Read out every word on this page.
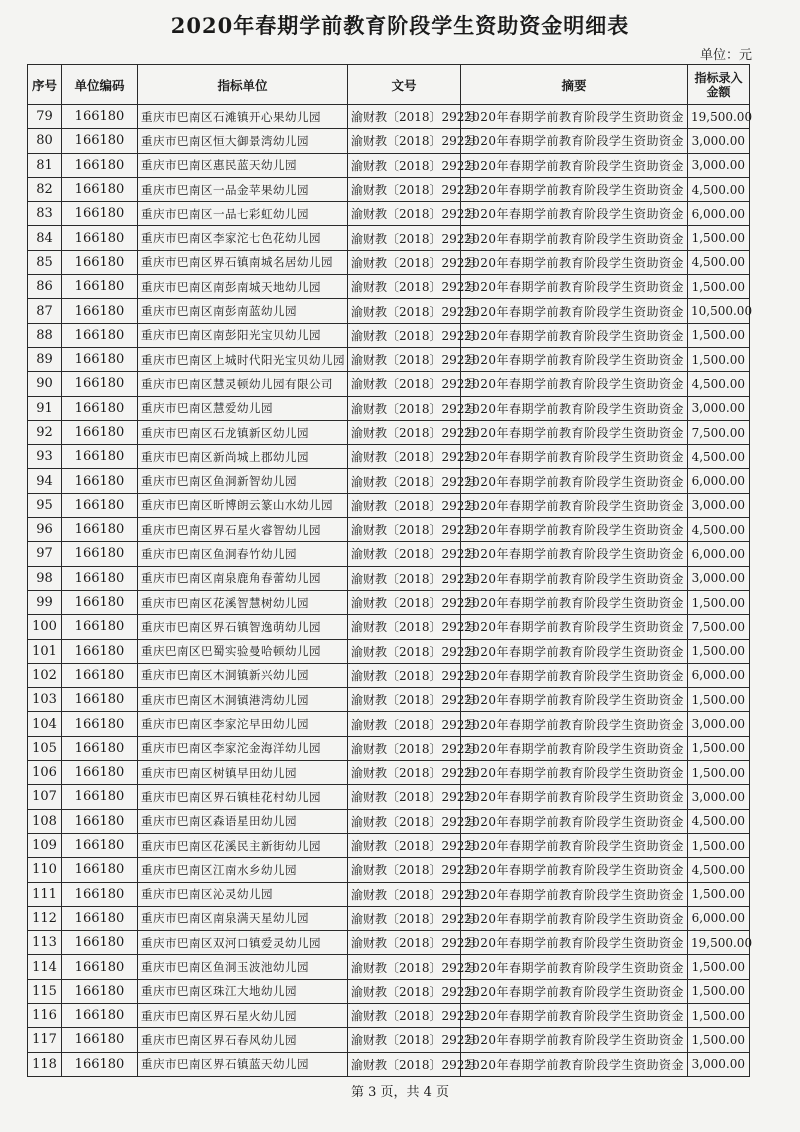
2020年春期学前教育阶段学生资助资金明细表
单位：元
序号	单位编码	指标单位	文号	摘要	指标录入金额
79	166180	重庆市巴南区石滩镇开心果幼儿园	渝财教〔2018〕292号	2020年春期学前教育阶段学生资助资金	19,500.00
80	166180	重庆市巴南区恒大御景湾幼儿园	渝财教〔2018〕292号	2020年春期学前教育阶段学生资助资金	3,000.00
81	166180	重庆市巴南区惠民蓝天幼儿园	渝财教〔2018〕292号	2020年春期学前教育阶段学生资助资金	3,000.00
82	166180	重庆市巴南区一品金苹果幼儿园	渝财教〔2018〕292号	2020年春期学前教育阶段学生资助资金	4,500.00
83	166180	重庆市巴南区一品七彩虹幼儿园	渝财教〔2018〕292号	2020年春期学前教育阶段学生资助资金	6,000.00
84	166180	重庆市巴南区李家沱七色花幼儿园	渝财教〔2018〕292号	2020年春期学前教育阶段学生资助资金	1,500.00
85	166180	重庆市巴南区界石镇南城名居幼儿园	渝财教〔2018〕292号	2020年春期学前教育阶段学生资助资金	4,500.00
86	166180	重庆市巴南区南彭南城天地幼儿园	渝财教〔2018〕292号	2020年春期学前教育阶段学生资助资金	1,500.00
87	166180	重庆市巴南区南彭南蓝幼儿园	渝财教〔2018〕292号	2020年春期学前教育阶段学生资助资金	10,500.00
88	166180	重庆市巴南区南彭阳光宝贝幼儿园	渝财教〔2018〕292号	2020年春期学前教育阶段学生资助资金	1,500.00
89	166180	重庆市巴南区上城时代阳光宝贝幼儿园	渝财教〔2018〕292号	2020年春期学前教育阶段学生资助资金	1,500.00
90	166180	重庆市巴南区慧灵顿幼儿园有限公司	渝财教〔2018〕292号	2020年春期学前教育阶段学生资助资金	4,500.00
91	166180	重庆市巴南区慧爱幼儿园	渝财教〔2018〕292号	2020年春期学前教育阶段学生资助资金	3,000.00
92	166180	重庆市巴南区石龙镇新区幼儿园	渝财教〔2018〕292号	2020年春期学前教育阶段学生资助资金	7,500.00
93	166180	重庆市巴南区新尚城上郡幼儿园	渝财教〔2018〕292号	2020年春期学前教育阶段学生资助资金	4,500.00
94	166180	重庆市巴南区鱼洞新智幼儿园	渝财教〔2018〕292号	2020年春期学前教育阶段学生资助资金	6,000.00
95	166180	重庆市巴南区昕博朗云篆山水幼儿园	渝财教〔2018〕292号	2020年春期学前教育阶段学生资助资金	3,000.00
96	166180	重庆市巴南区界石星火睿智幼儿园	渝财教〔2018〕292号	2020年春期学前教育阶段学生资助资金	4,500.00
97	166180	重庆市巴南区鱼洞春竹幼儿园	渝财教〔2018〕292号	2020年春期学前教育阶段学生资助资金	6,000.00
98	166180	重庆市巴南区南泉鹿角春蕾幼儿园	渝财教〔2018〕292号	2020年春期学前教育阶段学生资助资金	3,000.00
99	166180	重庆市巴南区花溪智慧树幼儿园	渝财教〔2018〕292号	2020年春期学前教育阶段学生资助资金	1,500.00
100	166180	重庆市巴南区界石镇智逸萌幼儿园	渝财教〔2018〕292号	2020年春期学前教育阶段学生资助资金	7,500.00
101	166180	重庆巴南区巴蜀实验曼哈顿幼儿园	渝财教〔2018〕292号	2020年春期学前教育阶段学生资助资金	1,500.00
102	166180	重庆市巴南区木洞镇新兴幼儿园	渝财教〔2018〕292号	2020年春期学前教育阶段学生资助资金	6,000.00
103	166180	重庆市巴南区木洞镇港湾幼儿园	渝财教〔2018〕292号	2020年春期学前教育阶段学生资助资金	1,500.00
104	166180	重庆市巴南区李家沱早田幼儿园	渝财教〔2018〕292号	2020年春期学前教育阶段学生资助资金	3,000.00
105	166180	重庆市巴南区李家沱金海洋幼儿园	渝财教〔2018〕292号	2020年春期学前教育阶段学生资助资金	1,500.00
106	166180	重庆市巴南区树镇早田幼儿园	渝财教〔2018〕292号	2020年春期学前教育阶段学生资助资金	1,500.00
107	166180	重庆市巴南区界石镇桂花村幼儿园	渝财教〔2018〕292号	2020年春期学前教育阶段学生资助资金	3,000.00
108	166180	重庆市巴南区森语星田幼儿园	渝财教〔2018〕292号	2020年春期学前教育阶段学生资助资金	4,500.00
109	166180	重庆市巴南区花溪民主新街幼儿园	渝财教〔2018〕292号	2020年春期学前教育阶段学生资助资金	1,500.00
110	166180	重庆市巴南区江南水乡幼儿园	渝财教〔2018〕292号	2020年春期学前教育阶段学生资助资金	4,500.00
111	166180	重庆市巴南区沁灵幼儿园	渝财教〔2018〕292号	2020年春期学前教育阶段学生资助资金	1,500.00
112	166180	重庆市巴南区南泉满天星幼儿园	渝财教〔2018〕292号	2020年春期学前教育阶段学生资助资金	6,000.00
113	166180	重庆市巴南区双河口镇爱灵幼儿园	渝财教〔2018〕292号	2020年春期学前教育阶段学生资助资金	19,500.00
114	166180	重庆市巴南区鱼洞玉波池幼儿园	渝财教〔2018〕292号	2020年春期学前教育阶段学生资助资金	1,500.00
115	166180	重庆市巴南区珠江大地幼儿园	渝财教〔2018〕292号	2020年春期学前教育阶段学生资助资金	1,500.00
116	166180	重庆市巴南区界石星火幼儿园	渝财教〔2018〕292号	2020年春期学前教育阶段学生资助资金	1,500.00
117	166180	重庆市巴南区界石春风幼儿园	渝财教〔2018〕292号	2020年春期学前教育阶段学生资助资金	1,500.00
118	166180	重庆市巴南区界石镇蓝天幼儿园	渝财教〔2018〕292号	2020年春期学前教育阶段学生资助资金	3,000.00
第 3 页，共 4 页
